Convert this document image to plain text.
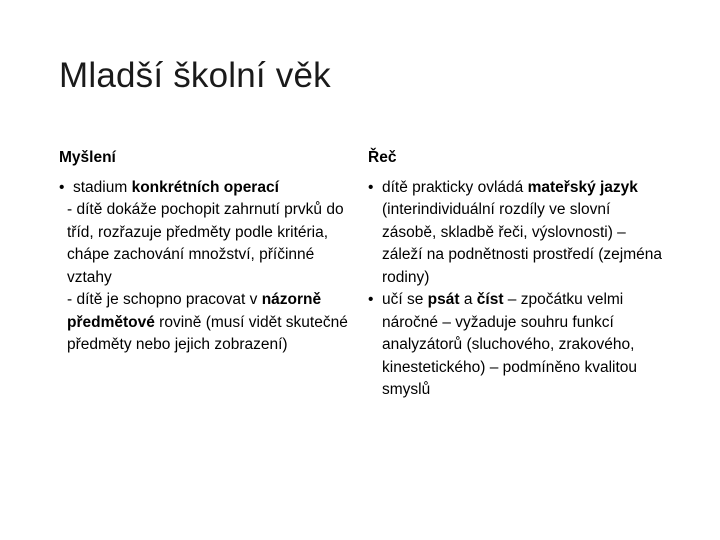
Mladší školní věk
Myšlení
• stadium konkrétních operací
- dítě dokáže pochopit zahrnutí prvků do tříd, rozřazuje předměty podle kritéria, chápe zachování množství, příčinné vztahy
- dítě je schopno pracovat v názorně předmětové rovině (musí vidět skutečné předměty nebo jejich zobrazení)
Řeč
• dítě prakticky ovládá mateřský jazyk (interindividuální rozdíly ve slovní zásobě, skladbě řeči, výslovnosti) – záleží na podnětnosti prostředí (zejména rodiny)
• učí se psát a číst – zpočátku velmi náročné – vyžaduje souhru funkcí analyzátorů (sluchového, zrakového, kinestetického) – podmíněno kvalitou smyslů
